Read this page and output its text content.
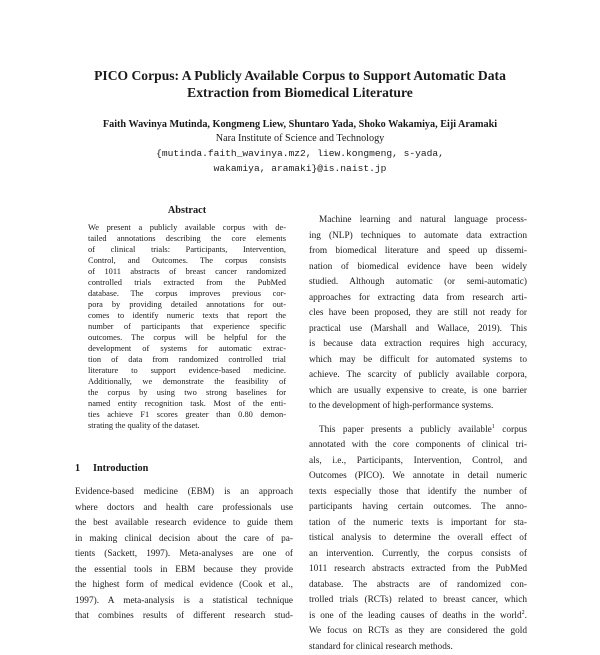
PICO Corpus: A Publicly Available Corpus to Support Automatic Data
Extraction from Biomedical Literature
Faith Wavinya Mutinda, Kongmeng Liew, Shuntaro Yada, Shoko Wakamiya, Eiji Aramaki
Nara Institute of Science and Technology
{mutinda.faith_wavinya.mz2, liew.kongmeng, s-yada,
wakamiya, aramaki}@is.naist.jp
Abstract
We present a publicly available corpus with de-
tailed annotations describing the core elements
of clinical trials: Participants, Intervention,
Control, and Outcomes. The corpus consists
of 1011 abstracts of breast cancer randomized
controlled trials extracted from the PubMed
database. The corpus improves previous cor-
pora by providing detailed annotations for out-
comes to identify numeric texts that report the
number of participants that experience specific
outcomes. The corpus will be helpful for the
development of systems for automatic extrac-
tion of data from randomized controlled trial
literature to support evidence-based medicine.
Additionally, we demonstrate the feasibility of
the corpus by using two strong baselines for
named entity recognition task. Most of the enti-
ties achieve F1 scores greater than 0.80 demon-
strating the quality of the dataset.
1 Introduction
Evidence-based medicine (EBM) is an approach
where doctors and health care professionals use
the best available research evidence to guide them
in making clinical decision about the care of pa-
tients (Sackett, 1997). Meta-analyses are one of
the essential tools in EBM because they provide
the highest form of medical evidence (Cook et al.,
1997). A meta-analysis is a statistical technique
that combines results of different research stud-
Machine learning and natural language process-
ing (NLP) techniques to automate data extraction
from biomedical literature and speed up dissemi-
nation of biomedical evidence have been widely
studied. Although automatic (or semi-automatic)
approaches for extracting data from research arti-
cles have been proposed, they are still not ready for
practical use (Marshall and Wallace, 2019). This
is because data extraction requires high accuracy,
which may be difficult for automated systems to
achieve. The scarcity of publicly available corpora,
which are usually expensive to create, is one barrier
to the development of high-performance systems.
This paper presents a publicly available$^1$ corpus
annotated with the core components of clinical tri-
als, i.e., Participants, Intervention, Control, and
Outcomes (PICO). We annotate in detail numeric
texts especially those that identify the number of
participants having certain outcomes. The anno-
tation of the numeric texts is important for sta-
tistical analysis to determine the overall effect of
an intervention. Currently, the corpus consists of
1011 research abstracts extracted from the PubMed
database. The abstracts are of randomized con-
trolled trials (RCTs) related to breast cancer, which
is one of the leading causes of deaths in the world$^2$.
We focus on RCTs as they are considered the gold
standard for clinical research methods.
